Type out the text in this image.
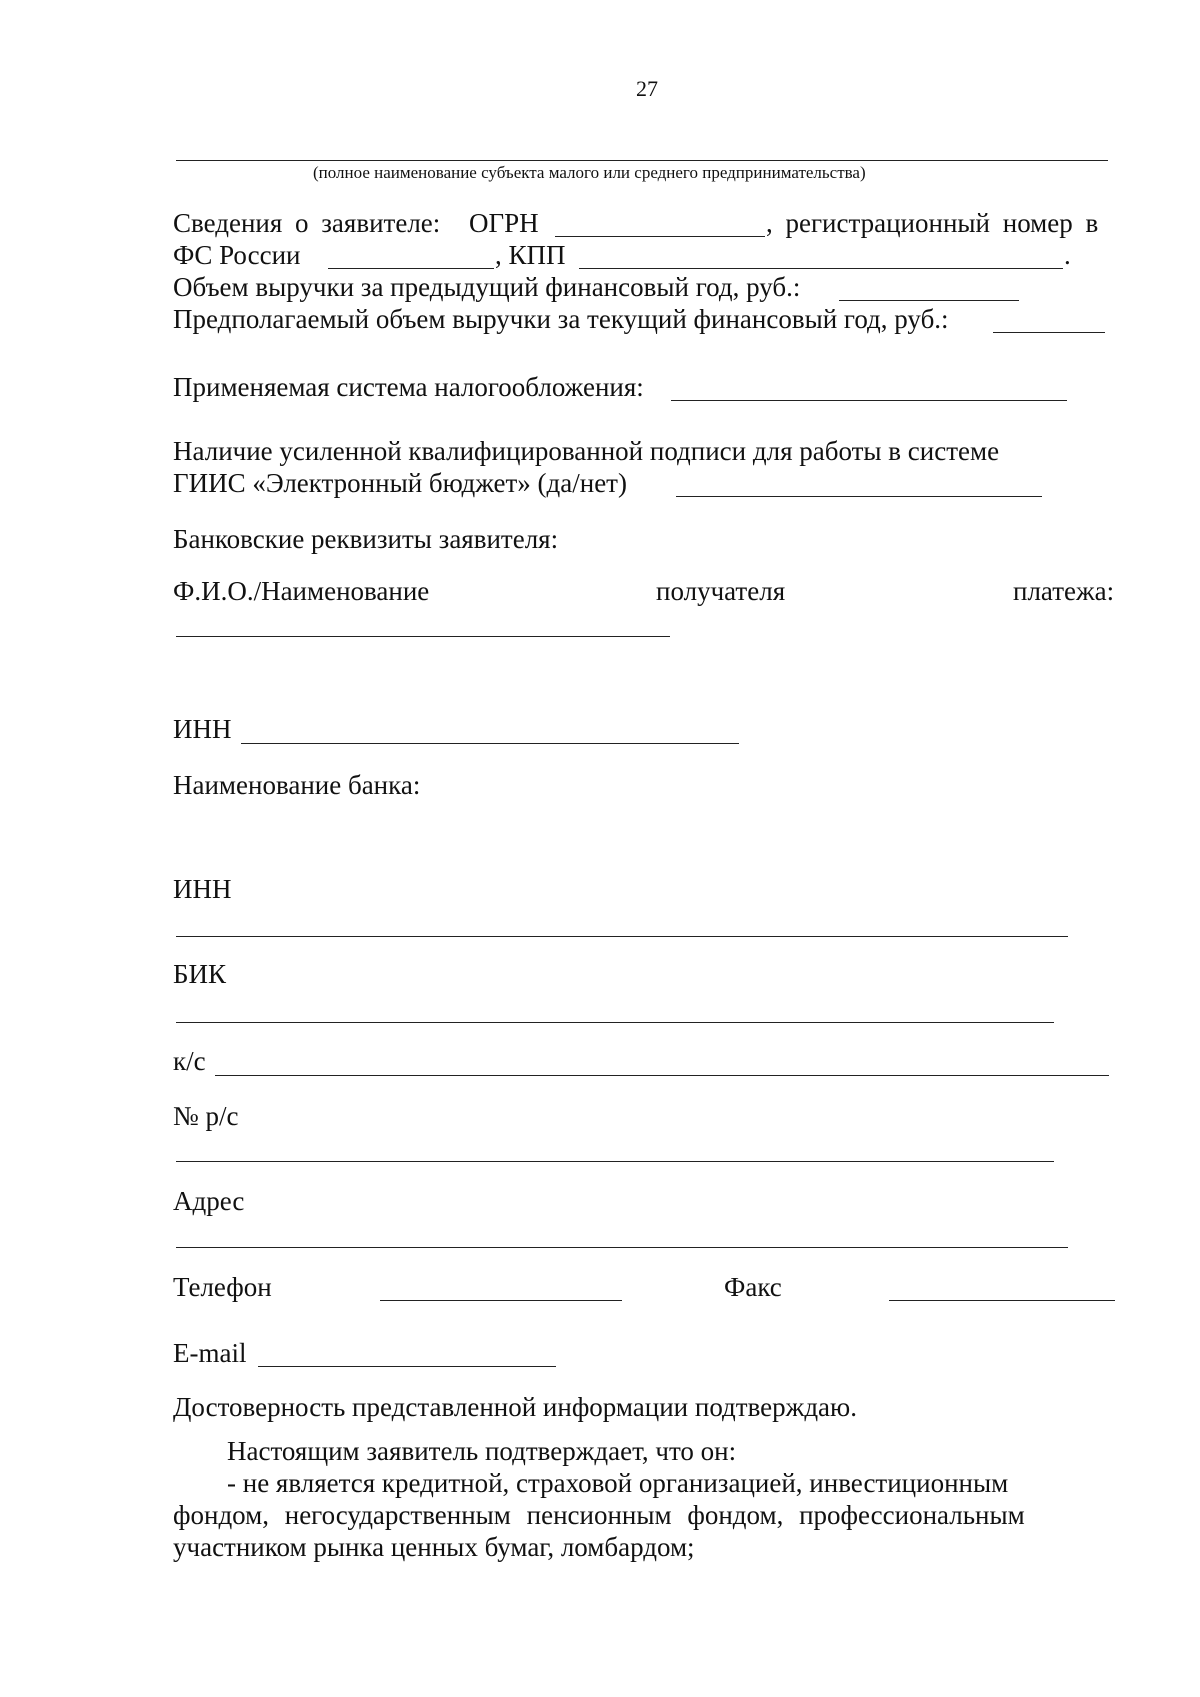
27
(полное наименование субъекта малого или среднего предпринимательства)
Сведения о заявителе: ОГРН	, регистрационный номер в
ФС России	, КПП	.
Объем выручки за предыдущий финансовый год, руб.:
Предполагаемый объем выручки за текущий финансовый год, руб.:
Применяемая система налогообложения:
Наличие усиленной квалифицированной подписи для работы в системе
ГИИС «Электронный бюджет» (да/нет)
Банковские реквизиты заявителя:
Ф.И.О./Наименование	получателя	платежа:
ИНН
Наименование банка:
ИНН
БИК
к/с
№ р/с
Адрес
Телефон	Факс
E-mail
Достоверность представленной информации подтверждаю.
Настоящим заявитель подтверждает, что он:
- не является кредитной, страховой организацией, инвестиционным
фондом, негосударственным пенсионным фондом, профессиональным
участником рынка ценных бумаг, ломбардом;
